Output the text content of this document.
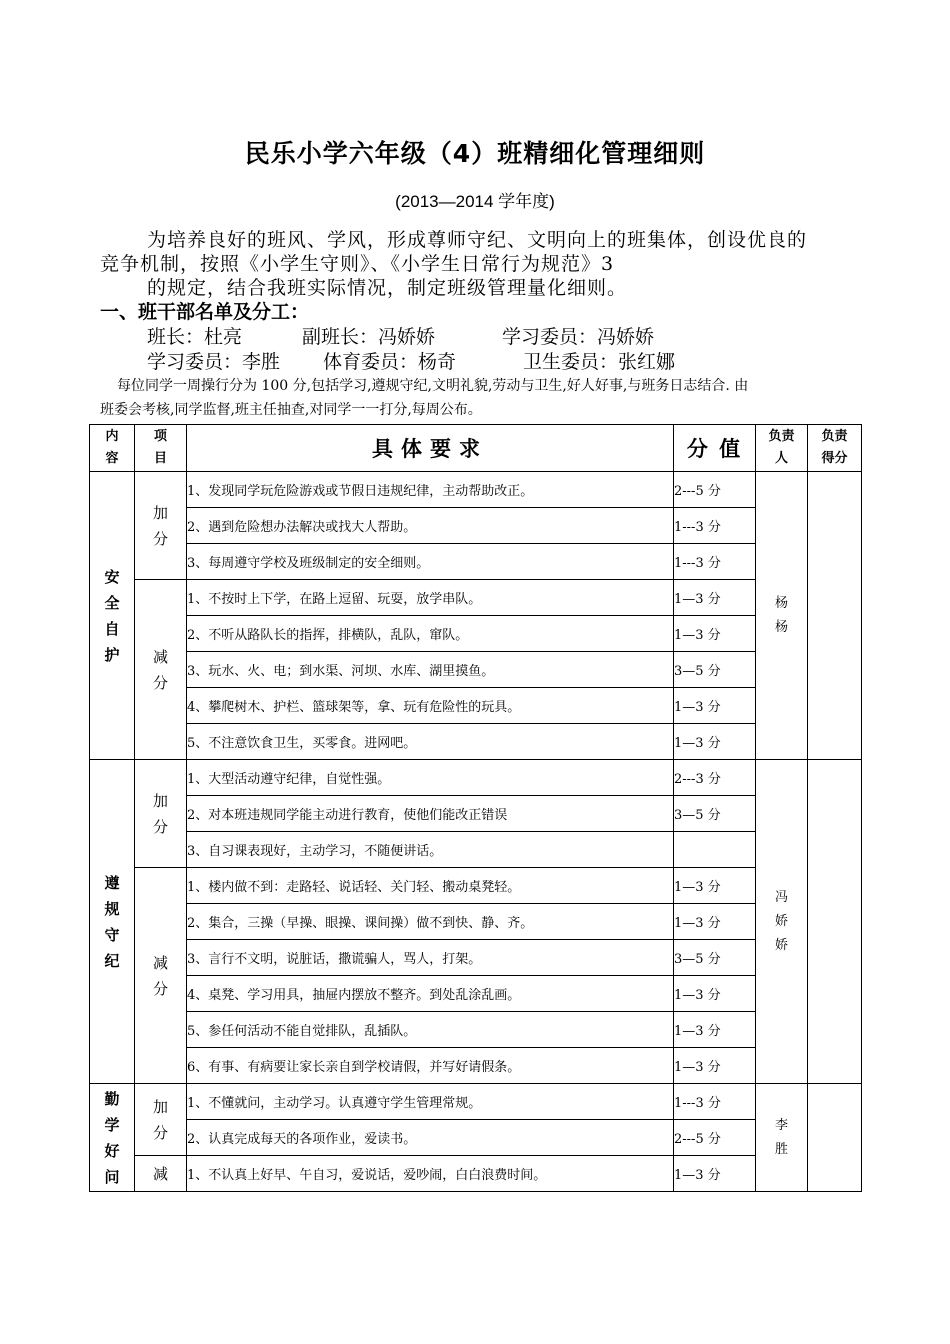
民乐小学六年级（4）班精细化管理细则
(2013—2014 学年度)
为培养良好的班风、学风，形成尊师守纪、文明向上的班集体，创设优良的
竞争机制，按照《小学生守则》、《小学生日常行为规范》3
的规定，结合我班实际情况，制定班级管理量化细则。
一、班干部名单及分工：
班长：杜亮	副班长：冯娇娇	学习委员：冯娇娇
学习委员：李胜 体育委员：杨奇	卫生委员：张红娜
每位同学一周操行分为 100 分,包括学习,遵规守纪,文明礼貌,劳动与卫生,好人好事,与班务日志结合. 由
班委会考核,同学监督,班主任抽查,对同学一一打分,每周公布。
内容	项目	具体要求	分 值	负责人	负责得分
安全自护	加分	1、发现同学玩危险游戏或节假日违规纪律，主动帮助改正。	2---5 分	杨杨	
		2、遇到危险想办法解决或找大人帮助。	1---3 分		
		3、每周遵守学校及班级制定的安全细则。	1---3 分		
	减分	1、不按时上下学，在路上逗留、玩耍，放学串队。	1—3 分		
		2、不听从路队长的指挥，排横队，乱队，窜队。	1—3 分		
		3、玩水、火、电；到水渠、河坝、水库、湖里摸鱼。	3—5 分		
		4、攀爬树木、护栏、篮球架等，拿、玩有危险性的玩具。	1—3 分		
		5、不注意饮食卫生，买零食。进网吧。	1—3 分		
遵规守纪	加分	1、大型活动遵守纪律，自觉性强。	2---3 分	冯娇娇	
		2、对本班违规同学能主动进行教育，使他们能改正错误	3—5 分		
		3、自习课表现好，主动学习，不随便讲话。			
	减分	1、楼内做不到：走路轻、说话轻、关门轻、搬动桌凳轻。	1—3 分		
		2、集合，三操（早操、眼操、课间操）做不到快、静、齐。	1—3 分		
		3、言行不文明，说脏话，撒谎骗人，骂人，打架。	3—5 分		
		4、桌凳、学习用具，抽屉内摆放不整齐。到处乱涂乱画。	1—3 分		
		5、参任何活动不能自觉排队，乱插队。	1—3 分		
		6、有事、有病要让家长亲自到学校请假，并写好请假条。	1—3 分		
勤学好问	加分	1、不懂就问，主动学习。认真遵守学生管理常规。	1---3 分	李胜	
		2、认真完成每天的各项作业，爱读书。	2---5 分		
	减	1、不认真上好早、午自习，爱说话，爱吵闹，白白浪费时间。	1—3 分		
